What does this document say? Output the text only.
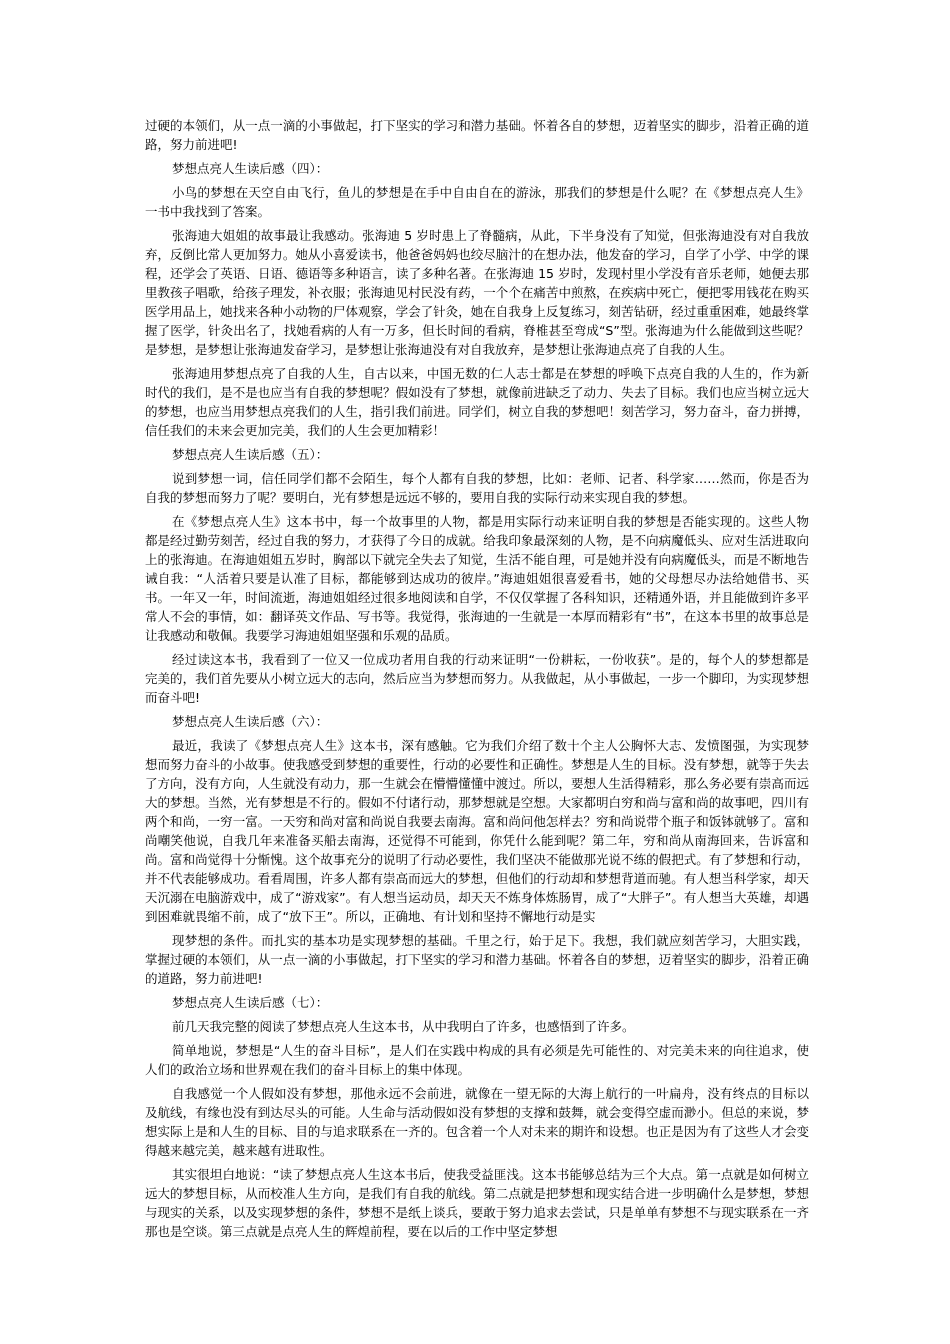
过硬的本领们，从一点一滴的小事做起，打下坚实的学习和潜力基础。怀着各自的梦想，迈着坚实的脚步，沿着正确的道路，努力前进吧!

梦想点亮人生读后感（四）：

小鸟的梦想在天空自由飞行，鱼儿的梦想是在手中自由自在的游泳，那我们的梦想是什么呢？在《梦想点亮人生》一书中我找到了答案。

张海迪大姐姐的故事最让我感动。张海迪 5 岁时患上了脊髓病，从此，下半身没有了知觉，但张海迪没有对自我放弃，反倒比常人更加努力。她从小喜爱读书，他爸爸妈妈也绞尽脑汁的在想办法，他发奋的学习，自学了小学、中学的课程，还学会了英语、日语、德语等多种语言，读了多种名著。在张海迪 15 岁时，发现村里小学没有音乐老师，她便去那里教孩子唱歌，给孩子理发，补衣服；张海迪见村民没有药，一个个在痛苦中煎熬，在疾病中死亡，便把零用钱花在购买医学用品上，她找来各种小动物的尸体观察，学会了针灸，她在自我身上反复练习，刻苦钻研，经过重重困难，她最终掌握了医学，针灸出名了，找她看病的人有一万多，但长时间的看病，脊椎甚至弯成“S”型。张海迪为什么能做到这些呢？是梦想，是梦想让张海迪发奋学习，是梦想让张海迪没有对自我放弃，是梦想让张海迪点亮了自我的人生。

张海迪用梦想点亮了自我的人生，自古以来，中国无数的仁人志士都是在梦想的呼唤下点亮自我的人生的，作为新时代的我们，是不是也应当有自我的梦想呢？假如没有了梦想，就像前进缺乏了动力、失去了目标。我们也应当树立远大的梦想，也应当用梦想点亮我们的人生，指引我们前进。同学们，树立自我的梦想吧！刻苦学习，努力奋斗，奋力拼搏，信任我们的未来会更加完美，我们的人生会更加精彩！

梦想点亮人生读后感（五）：

说到梦想一词，信任同学们都不会陌生，每个人都有自我的梦想，比如：老师、记者、科学家……然而，你是否为自我的梦想而努力了呢？要明白，光有梦想是远远不够的，要用自我的实际行动来实现自我的梦想。

在《梦想点亮人生》这本书中，每一个故事里的人物，都是用实际行动来证明自我的梦想是否能实现的。这些人物都是经过勤劳刻苦，经过自我的努力，才获得了今日的成就。给我印象最深刻的人物，是不向病魔低头、应对生活进取向上的张海迪。在海迪姐姐五岁时，胸部以下就完全失去了知觉，生活不能自理，可是她并没有向病魔低头，而是不断地告诫自我：“人活着只要是认准了目标，都能够到达成功的彼岸。”海迪姐姐很喜爱看书，她的父母想尽办法给她借书、买书。一年又一年，时间流逝，海迪姐姐经过很多地阅读和自学，不仅仅掌握了各科知识，还精通外语，并且能做到许多平常人不会的事情，如：翻译英文作品、写书等。我觉得，张海迪的一生就是一本厚而精彩有“书”，在这本书里的故事总是让我感动和敬佩。我要学习海迪姐姐坚强和乐观的品质。

经过读这本书，我看到了一位又一位成功者用自我的行动来证明“一份耕耘，一份收获”。是的，每个人的梦想都是完美的，我们首先要从小树立远大的志向，然后应当为梦想而努力。从我做起，从小事做起，一步一个脚印，为实现梦想而奋斗吧!

梦想点亮人生读后感（六）：

最近，我读了《梦想点亮人生》这本书，深有感触。它为我们介绍了数十个主人公胸怀大志、发愤图强，为实现梦想而努力奋斗的小故事。使我感受到梦想的重要性，行动的必要性和正确性。梦想是人生的目标。没有梦想，就等于失去了方向，没有方向，人生就没有动力，那一生就会在懵懵懂懂中渡过。所以，要想人生活得精彩，那么务必要有崇高而远大的梦想。当然，光有梦想是不行的。假如不付诸行动，那梦想就是空想。大家都明白穷和尚与富和尚的故事吧，四川有两个和尚，一穷一富。一天穷和尚对富和尚说自我要去南海。富和尚问他怎样去？穷和尚说带个瓶子和饭钵就够了。富和尚嘲笑他说，自我几年来准备买船去南海，还觉得不可能到，你凭什么能到呢？第二年，穷和尚从南海回来，告诉富和尚。富和尚觉得十分惭愧。这个故事充分的说明了行动必要性，我们坚决不能做那光说不练的假把式。有了梦想和行动，并不代表能够成功。看看周围，许多人都有崇高而远大的梦想，但他们的行动却和梦想背道而驰。有人想当科学家，却天天沉溺在电脑游戏中，成了“游戏家”。有人想当运动员，却天天不炼身体炼肠胃，成了“大胖子”。有人想当大英雄，却遇到困难就畏缩不前，成了“放下王”。所以，正确地、有计划和坚持不懈地行动是实

现梦想的条件。而扎实的基本功是实现梦想的基础。千里之行，始于足下。我想，我们就应刻苦学习，大胆实践，掌握过硬的本领们，从一点一滴的小事做起，打下坚实的学习和潜力基础。怀着各自的梦想，迈着坚实的脚步，沿着正确的道路，努力前进吧!

梦想点亮人生读后感（七）：

前几天我完整的阅读了梦想点亮人生这本书，从中我明白了许多，也感悟到了许多。

简单地说，梦想是“人生的奋斗目标”，是人们在实践中构成的具有必须是先可能性的、对完美未来的向往追求，使人们的政治立场和世界观在我们的奋斗目标上的集中体现。

自我感觉一个人假如没有梦想，那他永远不会前进，就像在一望无际的大海上航行的一叶扁舟，没有终点的目标以及航线，有缘也没有到达尽头的可能。人生命与活动假如没有梦想的支撑和鼓舞，就会变得空虚而渺小。但总的来说，梦想实际上是和人生的目标、目的与追求联系在一齐的。包含着一个人对未来的期许和设想。也正是因为有了这些人才会变得越来越完美，越来越有进取性。

其实很坦白地说：“读了梦想点亮人生这本书后，使我受益匪浅。这本书能够总结为三个大点。第一点就是如何树立远大的梦想目标，从而校准人生方向，是我们有自我的航线。第二点就是把梦想和现实结合进一步明确什么是梦想，梦想与现实的关系，以及实现梦想的条件，梦想不是纸上谈兵，要敢于努力追求去尝试，只是单单有梦想不与现实联系在一齐那也是空谈。第三点就是点亮人生的辉煌前程，要在以后的工作中坚定梦想
